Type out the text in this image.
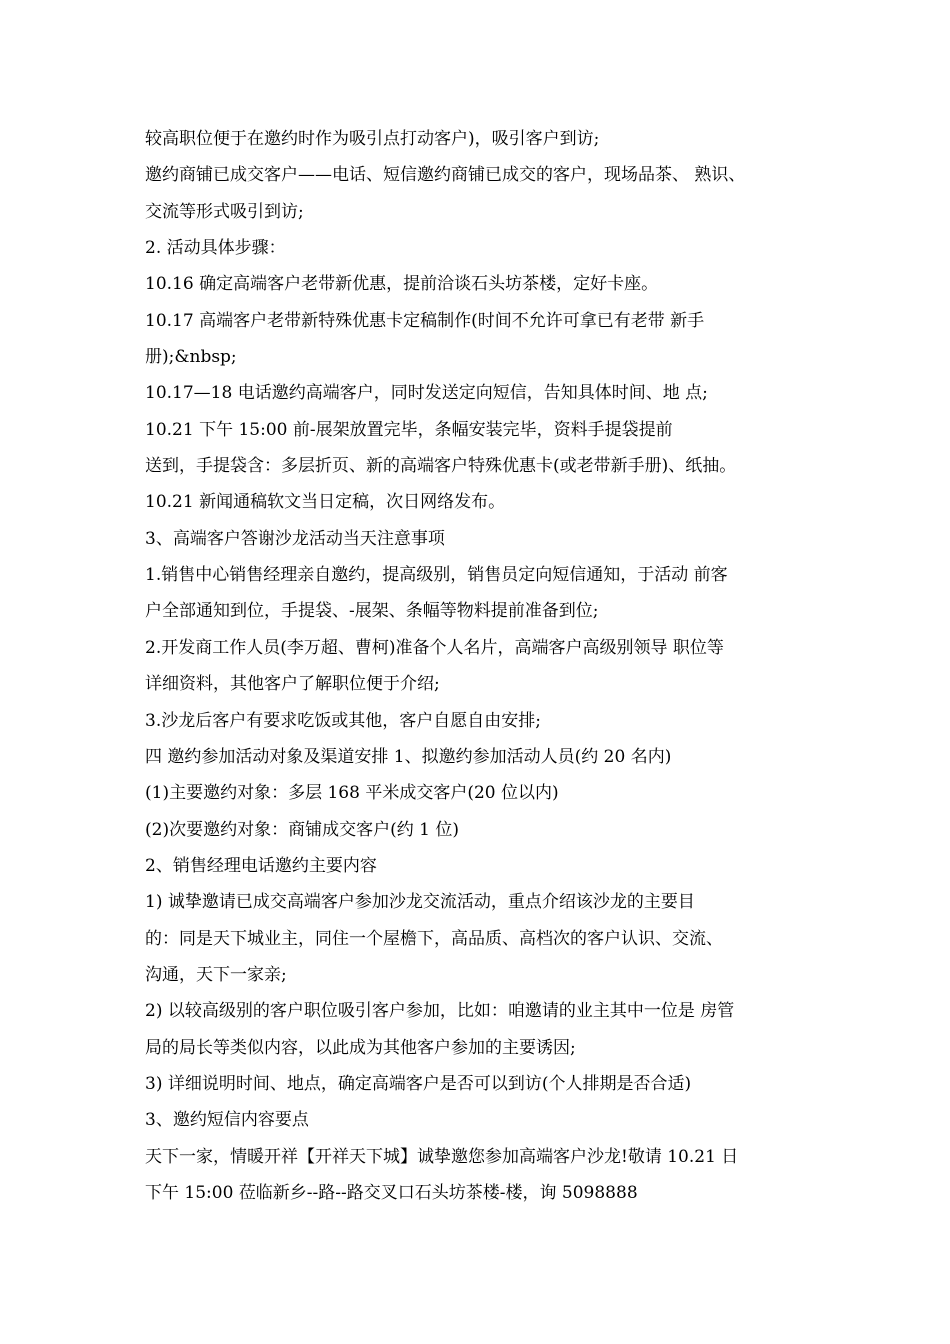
较高职位便于在邀约时作为吸引点打动客户)，吸引客户到访;
邀约商铺已成交客户——电话、短信邀约商铺已成交的客户，现场品茶、 熟识、
交流等形式吸引到访;
2. 活动具体步骤：
10.16 确定高端客户老带新优惠，提前洽谈石头坊茶楼，定好卡座。
10.17 高端客户老带新特殊优惠卡定稿制作(时间不允许可拿已有老带 新手
册);&nbsp;
10.17—18 电话邀约高端客户，同时发送定向短信，告知具体时间、地 点;
10.21 下午 15:00 前-展架放置完毕，条幅安装完毕，资料手提袋提前
送到，手提袋含：多层折页、新的高端客户特殊优惠卡(或老带新手册)、纸抽。
10.21 新闻通稿软文当日定稿，次日网络发布。
3、高端客户答谢沙龙活动当天注意事项
1.销售中心销售经理亲自邀约，提高级别，销售员定向短信通知，于活动 前客
户全部通知到位，手提袋、-展架、条幅等物料提前准备到位;
2.开发商工作人员(李万超、曹柯)准备个人名片，高端客户高级别领导 职位等
详细资料，其他客户了解职位便于介绍;
3.沙龙后客户有要求吃饭或其他，客户自愿自由安排;
四 邀约参加活动对象及渠道安排 1、拟邀约参加活动人员(约 20 名内)
(1)主要邀约对象：多层 168 平米成交客户(20 位以内)
(2)次要邀约对象：商铺成交客户(约 1 位)
2、销售经理电话邀约主要内容
1) 诚挚邀请已成交高端客户参加沙龙交流活动，重点介绍该沙龙的主要目
的：同是天下城业主，同住一个屋檐下，高品质、高档次的客户认识、交流、
沟通，天下一家亲;
2) 以较高级别的客户职位吸引客户参加，比如：咱邀请的业主其中一位是 房管
局的局长等类似内容，以此成为其他客户参加的主要诱因;
3) 详细说明时间、地点，确定高端客户是否可以到访(个人排期是否合适)
3、邀约短信内容要点
天下一家，情暖开祥【开祥天下城】诚挚邀您参加高端客户沙龙!敬请 10.21 日
下午 15:00 莅临新乡--路--路交叉口石头坊茶楼-楼，询 5098888
